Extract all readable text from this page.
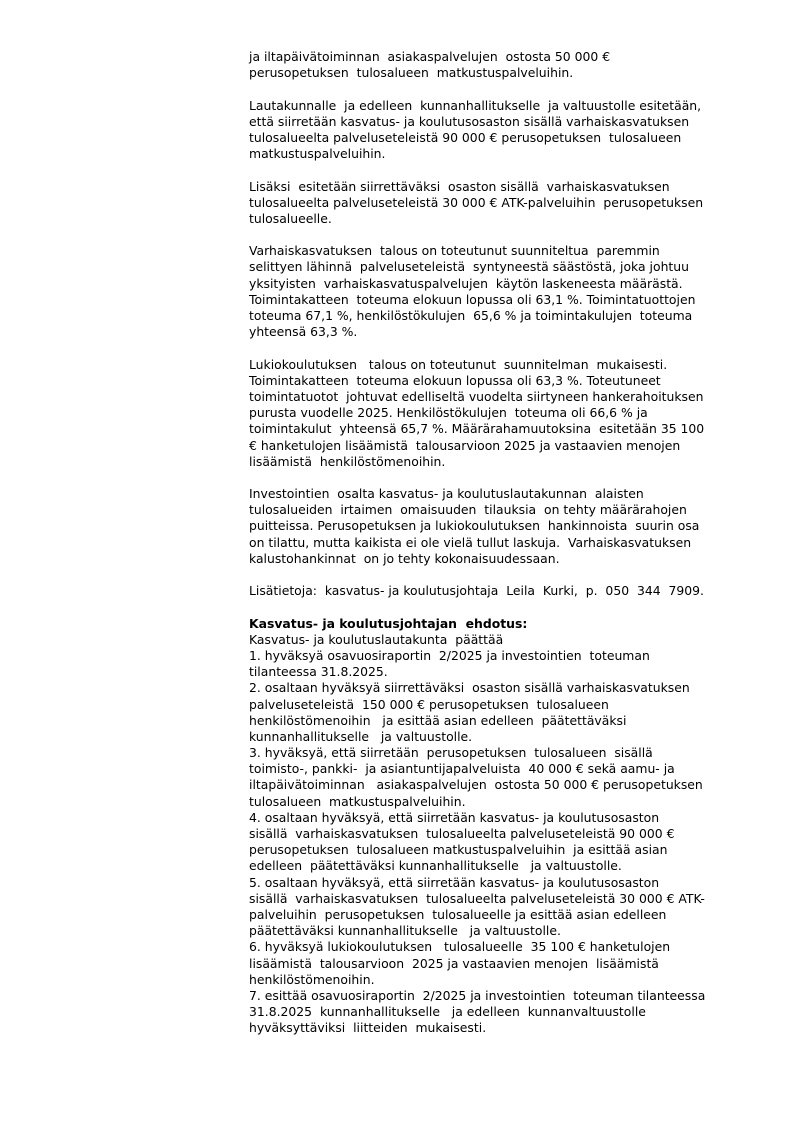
ja iltapäivätoiminnan  asiakaspalvelujen  ostosta 50 000 €
perusopetuksen  tulosalueen  matkustuspalveluihin.
Lautakunnalle  ja edelleen  kunnanhallitukselle  ja valtuustolle esitetään,
että siirretään kasvatus- ja koulutusosaston sisällä varhaiskasvatuksen
tulosalueelta palveluseteleistä 90 000 € perusopetuksen  tulosalueen
matkustuspalveluihin.
Lisäksi  esitetään siirrettäväksi  osaston sisällä  varhaiskasvatuksen
tulosalueelta palveluseteleistä 30 000 € ATK-palveluihin  perusopetuksen
tulosalueelle.
Varhaiskasvatuksen  talous on toteutunut suunniteltua  paremmin
selittyen lähinnä  palveluseteleistä  syntyneestä säästöstä, joka johtuu
yksityisten  varhaiskasvatuspalvelujen  käytön laskeneesta määrästä.
Toimintakatteen  toteuma elokuun lopussa oli 63,1 %. Toimintatuottojen
toteuma 67,1 %, henkilöstökulujen  65,6 % ja toimintakulujen  toteuma
yhteensä 63,3 %.
Lukiokoulutuksen   talous on toteutunut  suunnitelman  mukaisesti.
Toimintakatteen  toteuma elokuun lopussa oli 63,3 %. Toteutuneet
toimintatuotot  johtuvat edelliseltä vuodelta siirtyneen hankerahoituksen
purusta vuodelle 2025. Henkilöstökulujen  toteuma oli 66,6 % ja
toimintakulut  yhteensä 65,7 %. Määrärahamuutoksina  esitetään 35 100
€ hanketulojen lisäämistä  talousarvioon 2025 ja vastaavien menojen
lisäämistä  henkilöstömenoihin.
Investointien  osalta kasvatus- ja koulutuslautakunnan  alaisten
tulosalueiden  irtaimen  omaisuuden  tilauksia  on tehty määrärahojen
puitteissa. Perusopetuksen ja lukiokoulutuksen  hankinnoista  suurin osa
on tilattu, mutta kaikista ei ole vielä tullut laskuja.  Varhaiskasvatuksen
kalustohankinnat  on jo tehty kokonaisuudessaan.
Lisätietoja:  kasvatus- ja koulutusjohtaja  Leila  Kurki,  p.  050  344  7909.
Kasvatus- ja koulutusjohtajan  ehdotus:
Kasvatus- ja koulutuslautakunta  päättää
1. hyväksyä osavuosiraportin  2/2025 ja investointien  toteuman
tilanteessa 31.8.2025.
2. osaltaan hyväksyä siirrettäväksi  osaston sisällä varhaiskasvatuksen
palveluseteleistä  150 000 € perusopetuksen  tulosalueen
henkilöstömenoihin   ja esittää asian edelleen  päätettäväksi
kunnanhallitukselle   ja valtuustolle.
3. hyväksyä, että siirretään  perusopetuksen  tulosalueen  sisällä
toimisto-, pankki-  ja asiantuntijapalveluista  40 000 € sekä aamu- ja
iltapäivätoiminnan   asiakaspalvelujen  ostosta 50 000 € perusopetuksen
tulosalueen  matkustuspalveluihin.
4. osaltaan hyväksyä, että siirretään kasvatus- ja koulutusosaston
sisällä  varhaiskasvatuksen  tulosalueelta palveluseteleistä 90 000 €
perusopetuksen  tulosalueen matkustuspalveluihin  ja esittää asian
edelleen  päätettäväksi kunnanhallitukselle   ja valtuustolle.
5. osaltaan hyväksyä, että siirretään kasvatus- ja koulutusosaston
sisällä  varhaiskasvatuksen  tulosalueelta palveluseteleistä 30 000 € ATK-
palveluihin  perusopetuksen  tulosalueelle ja esittää asian edelleen
päätettäväksi kunnanhallitukselle   ja valtuustolle.
6. hyväksyä lukiokoulutuksen   tulosalueelle  35 100 € hanketulojen
lisäämistä  talousarvioon  2025 ja vastaavien menojen  lisäämistä
henkilöstömenoihin.
7. esittää osavuosiraportin  2/2025 ja investointien  toteuman tilanteessa
31.8.2025  kunnanhallitukselle   ja edelleen  kunnanvaltuustolle
hyväksyttäviksi  liitteiden  mukaisesti.
